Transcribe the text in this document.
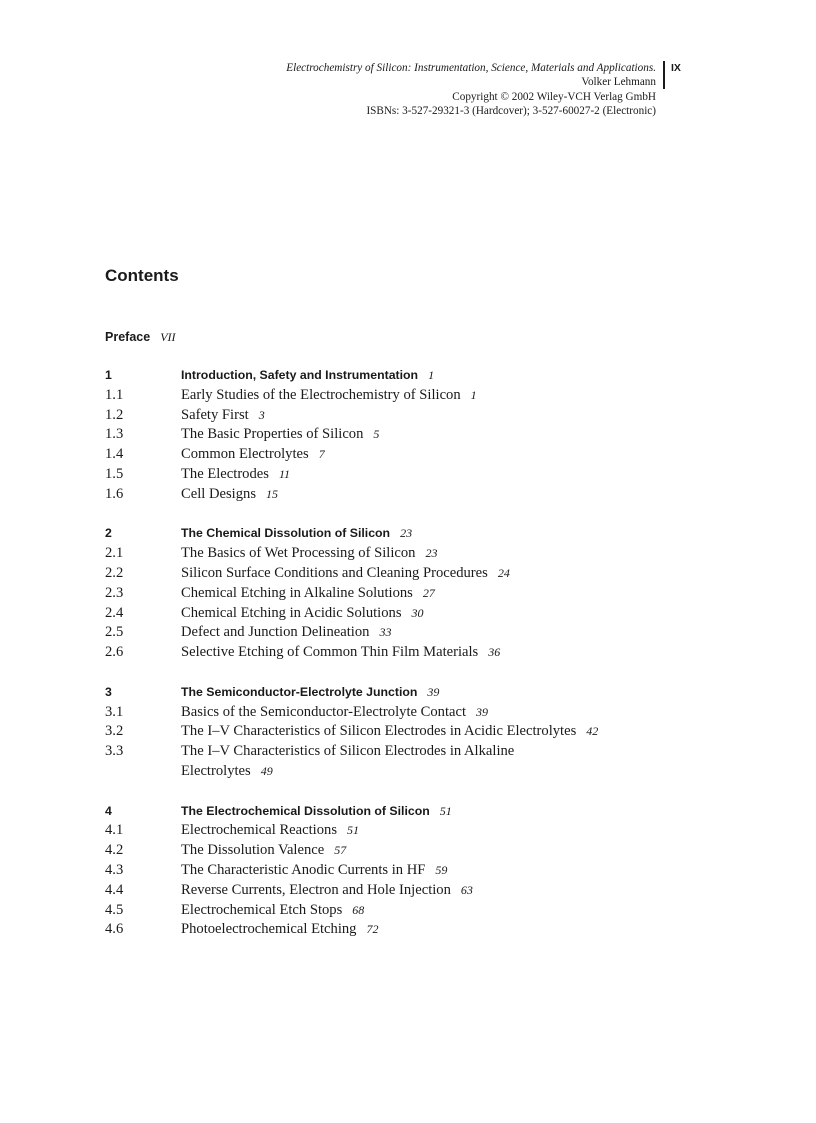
Electrochemistry of Silicon: Instrumentation, Science, Materials and Applications.
Volker Lehmann
Copyright © 2002 Wiley-VCH Verlag GmbH
ISBNs: 3-527-29321-3 (Hardcover); 3-527-60027-2 (Electronic)
IX
Contents
Preface VII
1	Introduction, Safety and Instrumentation 1
1.1	Early Studies of the Electrochemistry of Silicon 1
1.2	Safety First 3
1.3	The Basic Properties of Silicon 5
1.4	Common Electrolytes 7
1.5	The Electrodes 11
1.6	Cell Designs 15
2	The Chemical Dissolution of Silicon 23
2.1	The Basics of Wet Processing of Silicon 23
2.2	Silicon Surface Conditions and Cleaning Procedures 24
2.3	Chemical Etching in Alkaline Solutions 27
2.4	Chemical Etching in Acidic Solutions 30
2.5	Defect and Junction Delineation 33
2.6	Selective Etching of Common Thin Film Materials 36
3	The Semiconductor-Electrolyte Junction 39
3.1	Basics of the Semiconductor-Electrolyte Contact 39
3.2	The I–V Characteristics of Silicon Electrodes in Acidic Electrolytes 42
3.3	The I–V Characteristics of Silicon Electrodes in Alkaline
Electrolytes 49
4	The Electrochemical Dissolution of Silicon 51
4.1	Electrochemical Reactions 51
4.2	The Dissolution Valence 57
4.3	The Characteristic Anodic Currents in HF 59
4.4	Reverse Currents, Electron and Hole Injection 63
4.5	Electrochemical Etch Stops 68
4.6	Photoelectrochemical Etching 72
